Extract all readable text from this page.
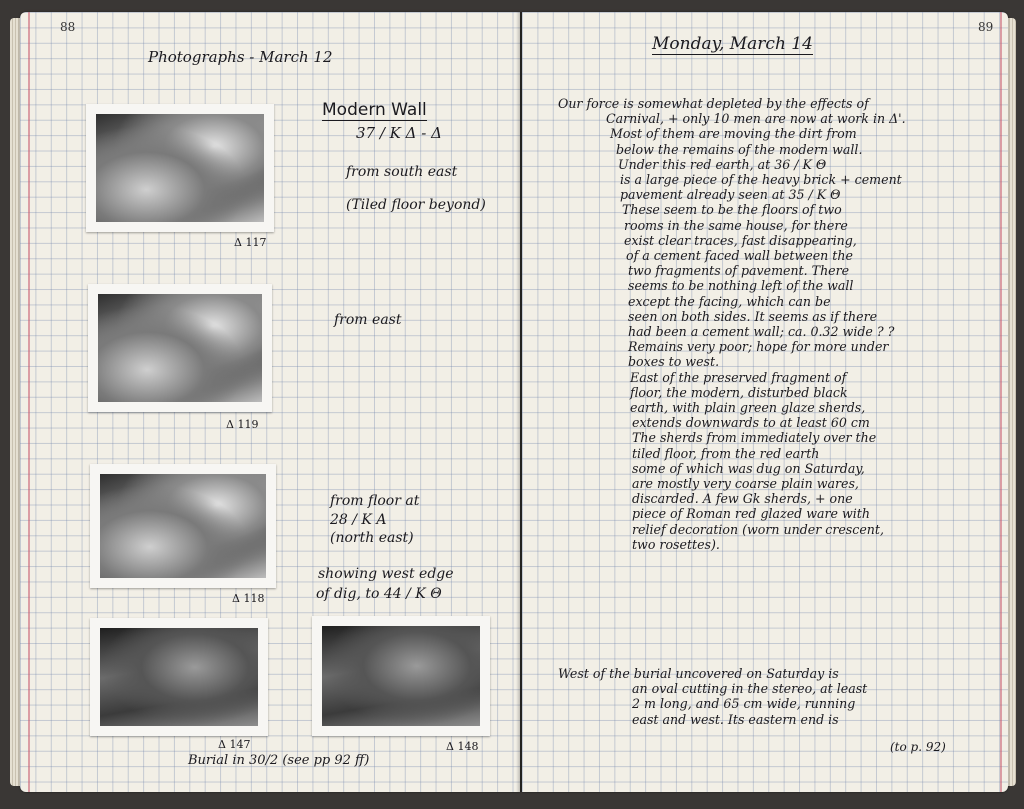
88
Photographs - March 12
Modern Wall
37 / K Δ - Δ
from south east
(Tiled floor beyond)
from east
from floor at
28 / K A
(north east)
showing west edge
of dig, to 44 / K Θ
Δ 117
Δ 119
Δ 118
Δ 147	Δ 148
Burial in 30/2 (see pp 92 ff)
89
Monday, March 14
Our force is somewhat depleted by the effects of
Carnival, + only 10 men are now at work in Δ'.
Most of them are moving the dirt from
below the remains of the modern wall.
Under this red earth, at 36 / K Θ
is a large piece of the heavy brick + cement
pavement already seen at 35 / K Θ
These seem to be the floors of two
rooms in the same house, for there
exist clear traces, fast disappearing,
of a cement faced wall between the
two fragments of pavement. There
seems to be nothing left of the wall
except the facing, which can be
seen on both sides. It seems as if there
had been a cement wall; ca. 0.32 wide ? ?
Remains very poor; hope for more under
boxes to west.
East of the preserved fragment of
floor, the modern, disturbed black
earth, with plain green glaze sherds,
extends downwards to at least 60 cm
The sherds from immediately over the
tiled floor, from the red earth
some of which was dug on Saturday,
are mostly very coarse plain wares,
discarded. A few Gk sherds, + one
piece of Roman red glazed ware with
relief decoration (worn under crescent,
two rosettes).
West of the burial uncovered on Saturday is
an oval cutting in the stereo, at least
2 m long, and 65 cm wide, running
east and west. Its eastern end is
(to p. 92)
